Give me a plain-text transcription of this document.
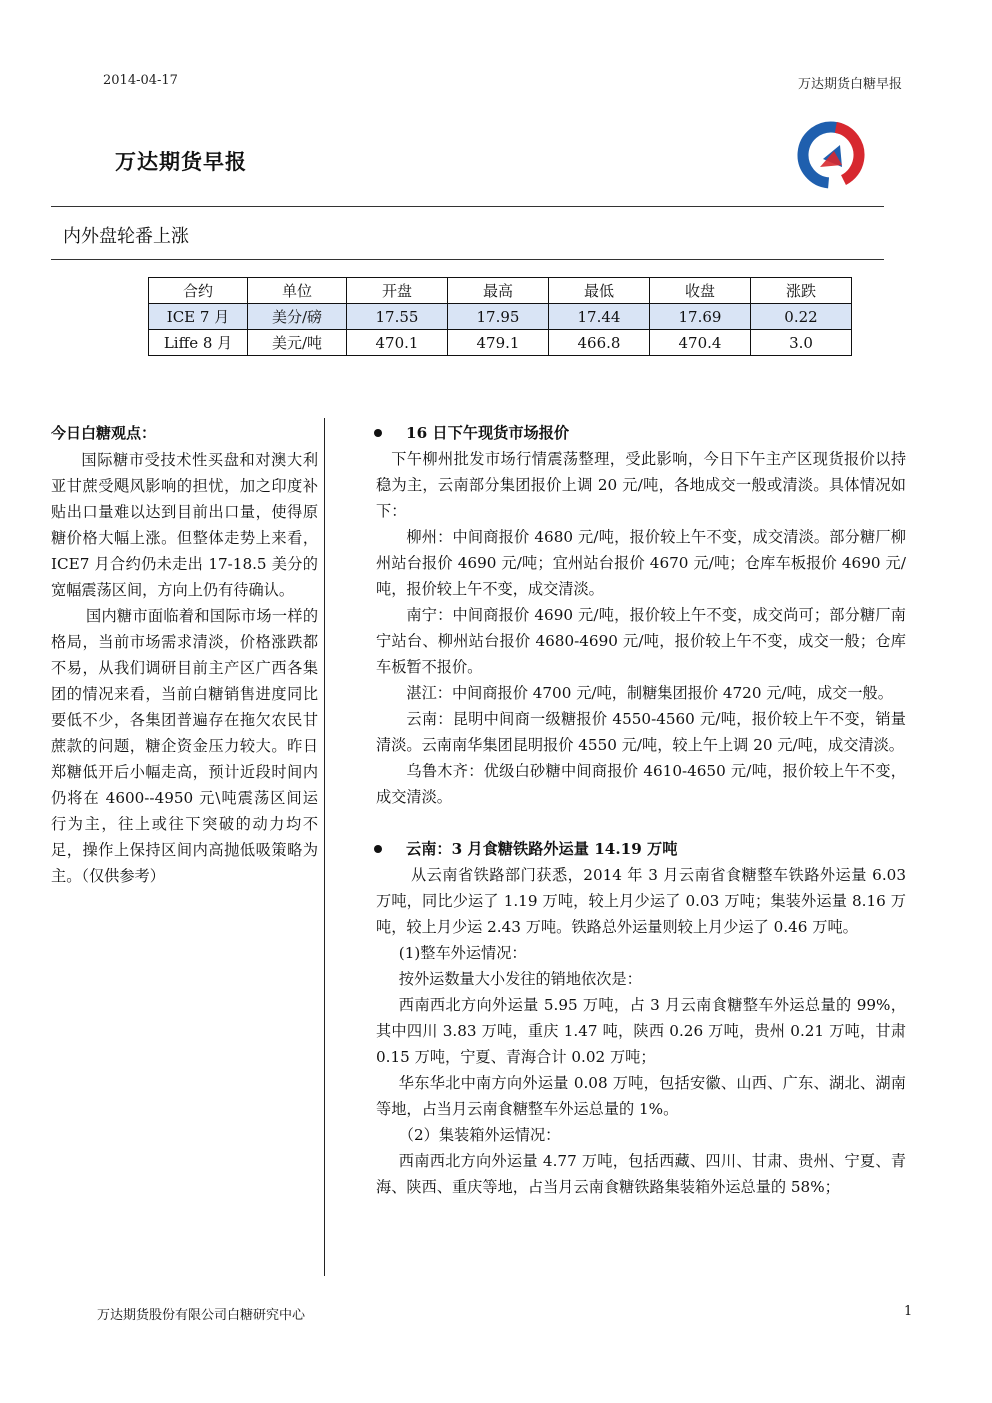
2014-04-17	万达期货白糖早报
万达期货早报
内外盘轮番上涨
合约	单位	开盘	最高	最低	收盘	涨跌
ICE 7 月	美分/磅	17.55	17.95	17.44	17.69	0.22
Liffe 8 月	美元/吨	470.1	479.1	466.8	470.4	3.0
今日白糖观点：

国际糖市受技术性买盘和对澳大利亚甘蔗受飓风影响的担忧，加之印度补贴出口量难以达到目前出口量，使得原糖价格大幅上涨。但整体走势上来看，ICE7 月合约仍未走出 17-18.5 美分的宽幅震荡区间，方向上仍有待确认。

国内糖市面临着和国际市场一样的格局，当前市场需求清淡，价格涨跌都不易，从我们调研目前主产区广西各集团的情况来看，当前白糖销售进度同比要低不少，各集团普遍存在拖欠农民甘蔗款的问题，糖企资金压力较大。昨日郑糖低开后小幅走高，预计近段时间内仍将在 4600--4950 元\吨震荡区间运行为主，往上或往下突破的动力均不足，操作上保持区间内高抛低吸策略为主。（仅供参考）

16 日下午现货市场报价

下午柳州批发市场行情震荡整理，受此影响，今日下午主产区现货报价以持稳为主，云南部分集团报价上调 20 元/吨，各地成交一般或清淡。具体情况如下：

柳州：中间商报价 4680 元/吨，报价较上午不变，成交清淡。部分糖厂柳州站台报价 4690 元/吨；宜州站台报价 4670 元/吨；仓库车板报价 4690 元/吨，报价较上午不变，成交清淡。

南宁：中间商报价 4690 元/吨，报价较上午不变，成交尚可；部分糖厂南宁站台、柳州站台报价 4680-4690 元/吨，报价较上午不变，成交一般；仓库车板暂不报价。

湛江：中间商报价 4700 元/吨，制糖集团报价 4720 元/吨，成交一般。

云南：昆明中间商一级糖报价 4550-4560 元/吨，报价较上午不变，销量清淡。云南南华集团昆明报价 4550 元/吨，较上午上调 20 元/吨，成交清淡。

乌鲁木齐：优级白砂糖中间商报价 4610-4650 元/吨，报价较上午不变，成交清淡。

云南：3 月食糖铁路外运量 14.19 万吨

从云南省铁路部门获悉，2014 年 3 月云南省食糖整车铁路外运量 6.03 万吨，同比少运了 1.19 万吨，较上月少运了 0.03 万吨；集装外运量 8.16 万吨，较上月少运 2.43 万吨。铁路总外运量则较上月少运了 0.46 万吨。

(1)整车外运情况：

按外运数量大小发往的销地依次是：

西南西北方向外运量 5.95 万吨，占 3 月云南食糖整车外运总量的 99%，其中四川 3.83 万吨，重庆 1.47 吨，陕西 0.26 万吨，贵州 0.21 万吨，甘肃 0.15 万吨，宁夏、青海合计 0.02 万吨；

华东华北中南方向外运量 0.08 万吨，包括安徽、山西、广东、湖北、湖南等地，占当月云南食糖整车外运总量的 1%。

（2）集装箱外运情况：

西南西北方向外运量 4.77 万吨，包括西藏、四川、甘肃、贵州、宁夏、青海、陕西、重庆等地，占当月云南食糖铁路集装箱外运总量的 58%；

万达期货股份有限公司白糖研究中心	1
